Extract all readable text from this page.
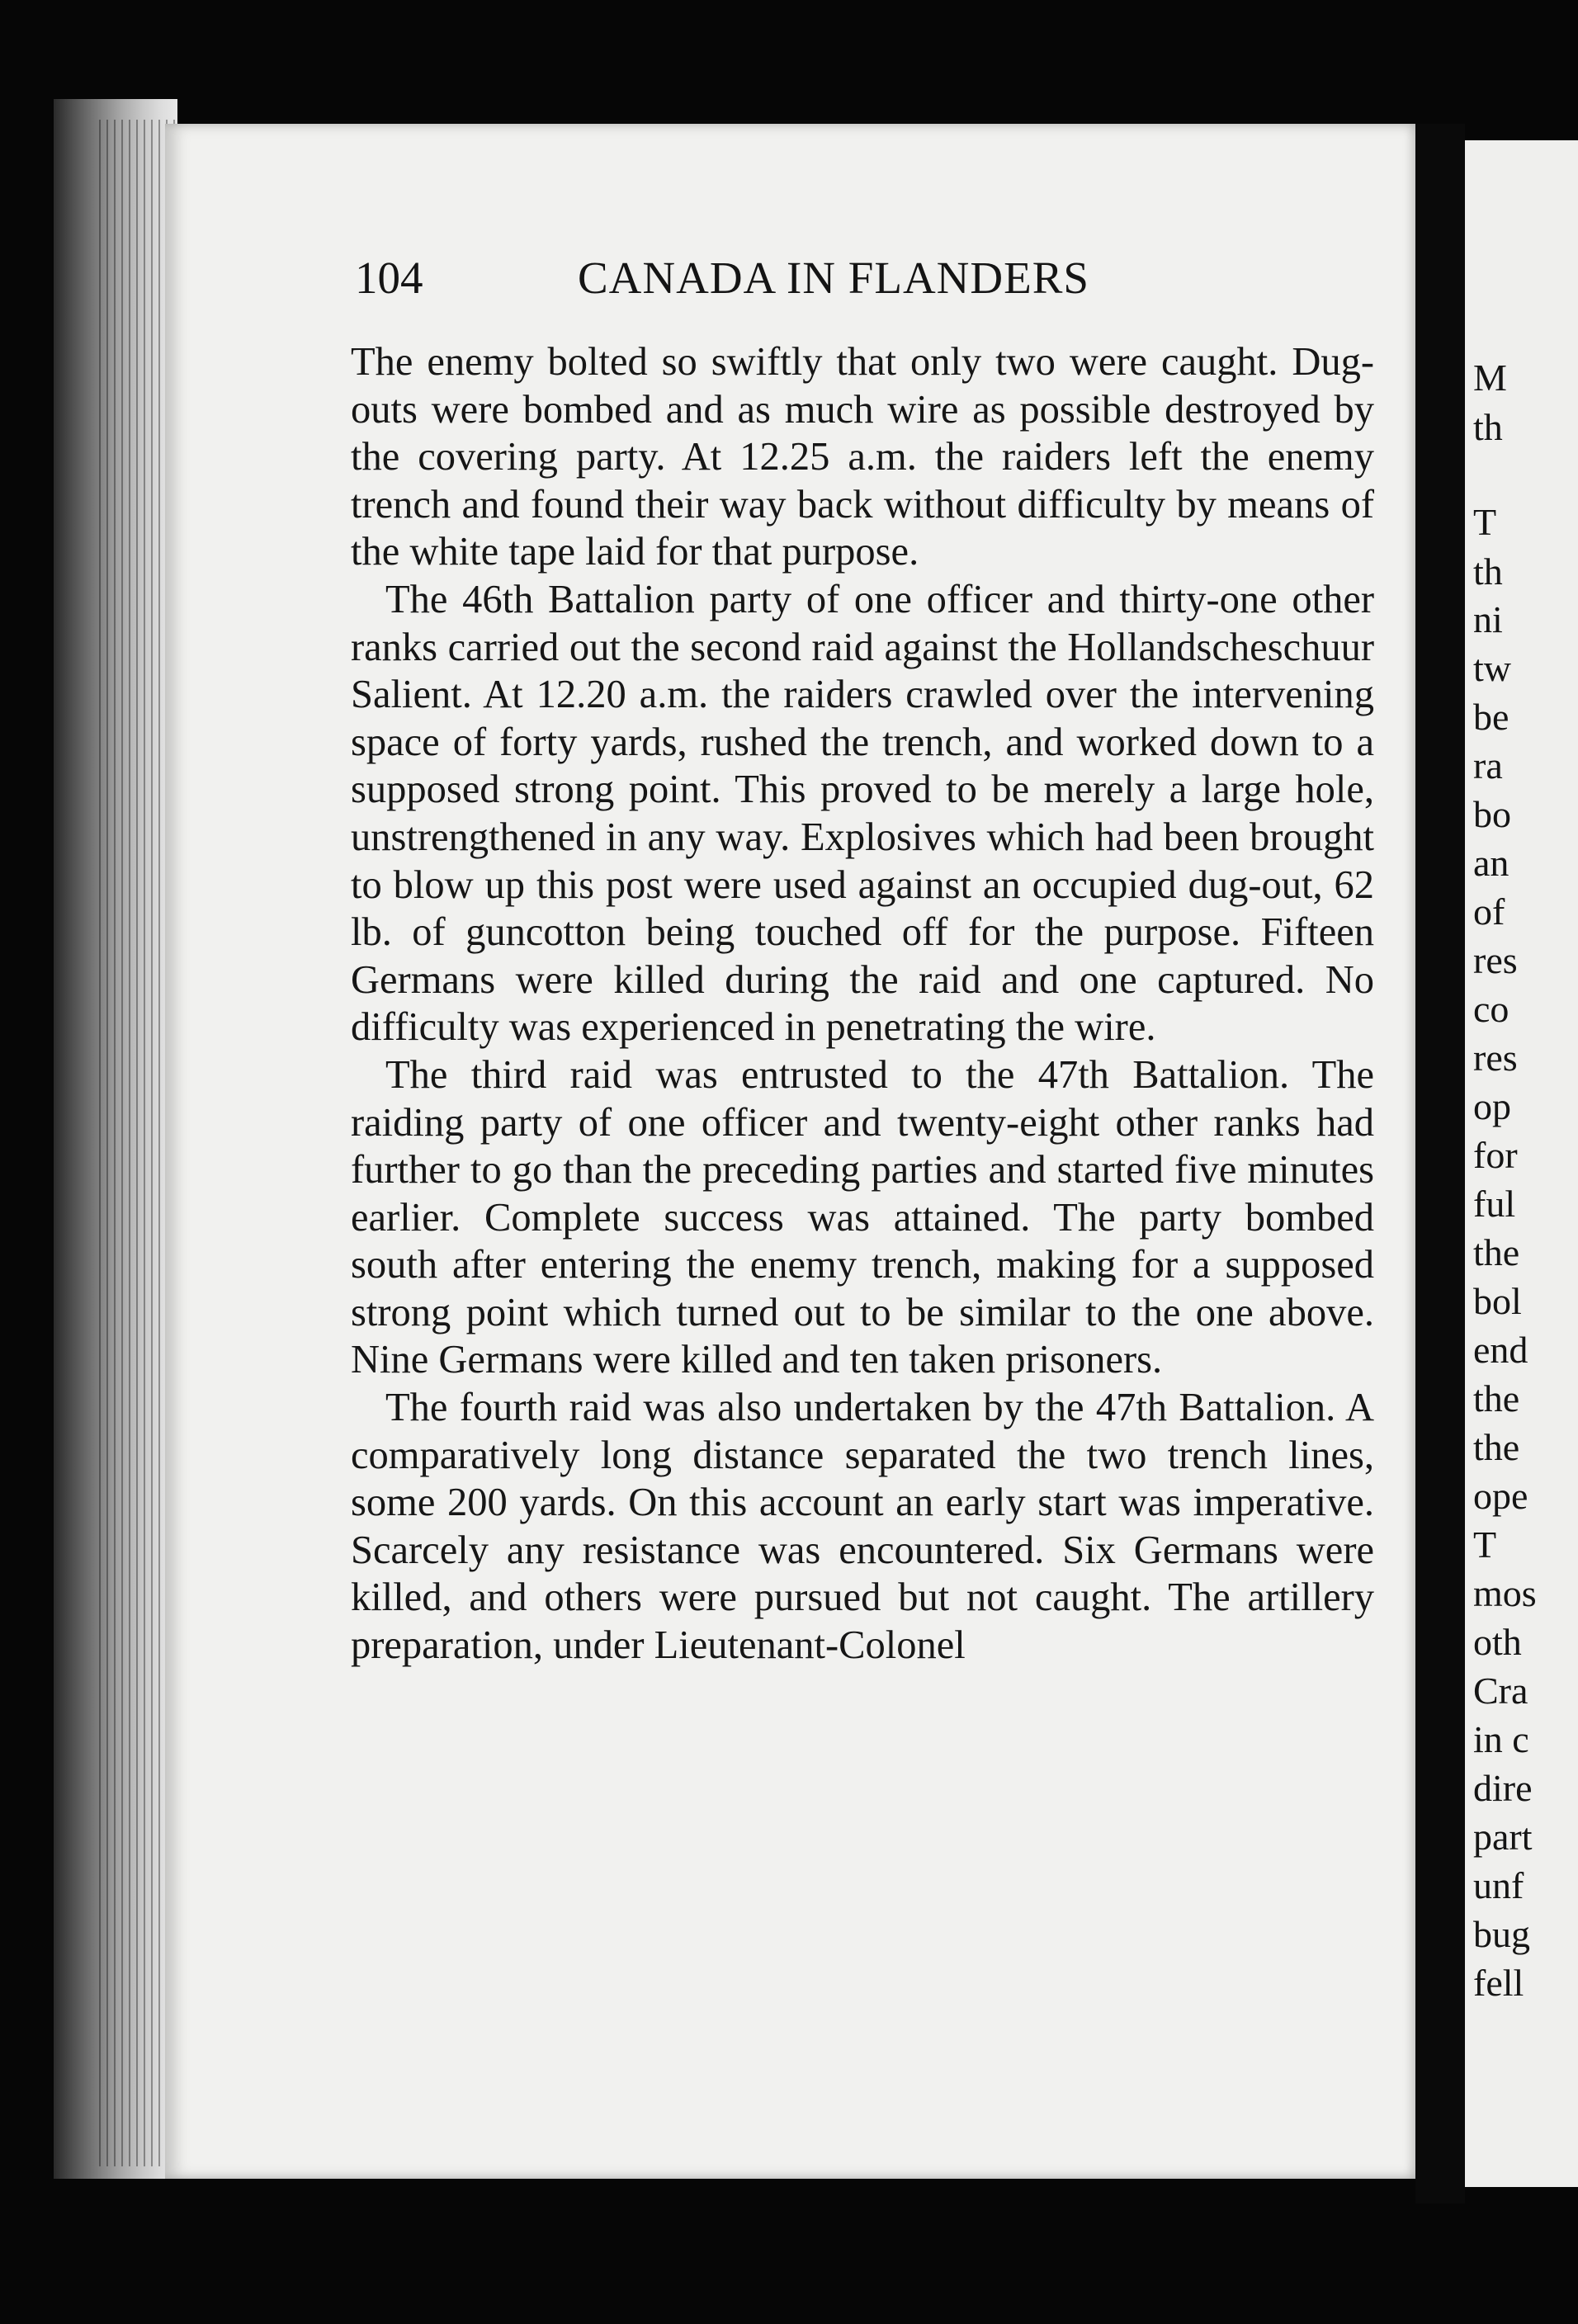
M
th
T
th
ni
tw
be
ra
bo
an
of
res
co
res
op
for
ful
the
bol
end
the
the
ope
T
mos
oth
Cra
in c
dire
part
unf
bug
fell
104	CANADA IN FLANDERS

The enemy bolted so swiftly that only two were caught. Dug-outs were bombed and as much wire as possible destroyed by the covering party. At 12.25 a.m. the raiders left the enemy trench and found their way back without difficulty by means of the white tape laid for that purpose.

The 46th Battalion party of one officer and thirty-one other ranks carried out the second raid against the Hollandscheschuur Salient. At 12.20 a.m. the raiders crawled over the intervening space of forty yards, rushed the trench, and worked down to a supposed strong point. This proved to be merely a large hole, unstrengthened in any way. Explosives which had been brought to blow up this post were used against an occupied dug-out, 62 lb. of guncotton being touched off for the purpose. Fifteen Germans were killed during the raid and one captured. No difficulty was experienced in penetrating the wire.

The third raid was entrusted to the 47th Battalion. The raiding party of one officer and twenty-eight other ranks had further to go than the preceding parties and started five minutes earlier. Complete success was attained. The party bombed south after entering the enemy trench, making for a supposed strong point which turned out to be similar to the one above. Nine Germans were killed and ten taken prisoners.

The fourth raid was also undertaken by the 47th Battalion. A comparatively long distance separated the two trench lines, some 200 yards. On this account an early start was imperative. Scarcely any resistance was encountered. Six Germans were killed, and others were pursued but not caught. The artillery preparation, under Lieutenant-Colonel
